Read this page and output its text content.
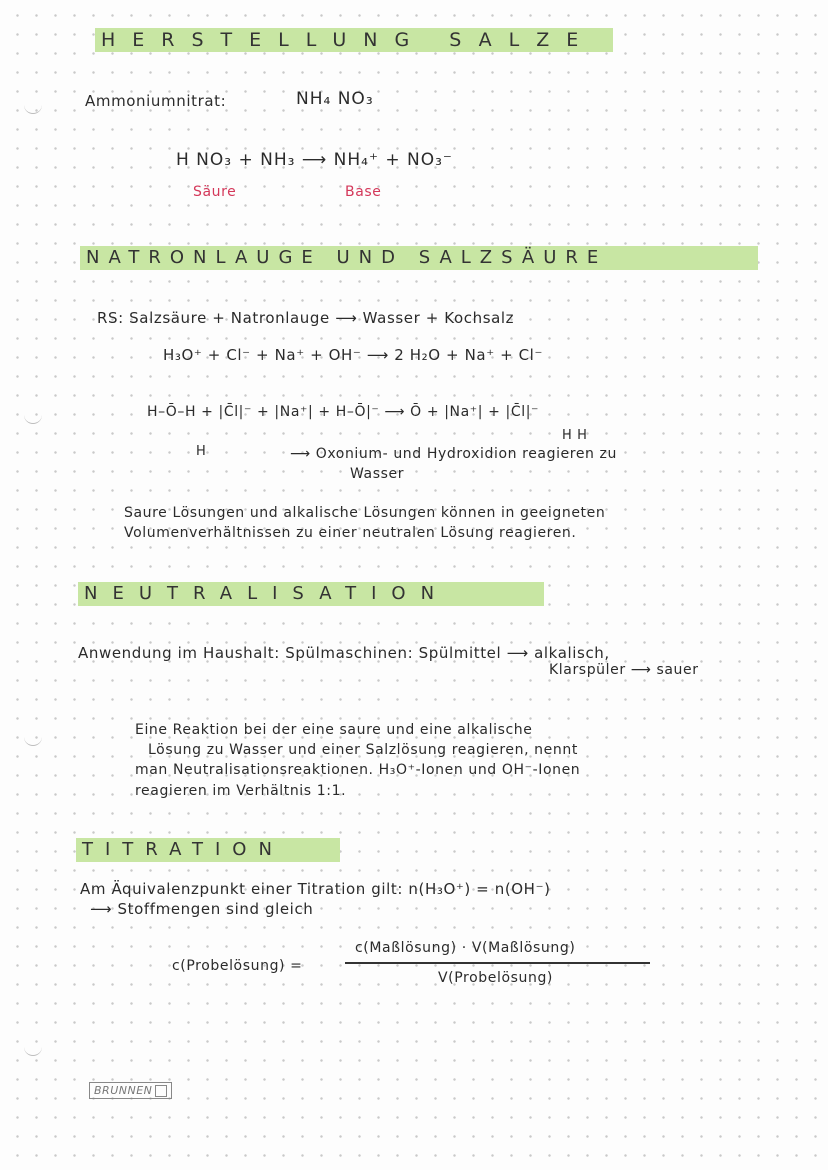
HERSTELLUNG SALZE
Ammoniumnitrat:	NH₄ NO₃
H NO₃ + NH₃ ⟶ NH₄⁺ + NO₃⁻
Säure	Base
NATRONLAUGE UND SALZSÄURE
RS: Salzsäure + Natronlauge ⟶ Wasser + Kochsalz
H₃O⁺ + Cl⁻ + Na⁺ + OH⁻ ⟶ 2 H₂O + Na⁺ + Cl⁻
H–Ō–H + |C̄l|⁻ + |Na⁺| + H–Ō|⁻ ⟶ Ō + |Na⁺| + |C̄l|⁻
H
H H
⟶ Oxonium- und Hydroxidion reagieren zu
Wasser
Saure Lösungen und alkalische Lösungen können in geeigneten
Volumenverhältnissen zu einer neutralen Lösung reagieren.
NEUTRALISATION
Anwendung im Haushalt: Spülmaschinen: Spülmittel ⟶ alkalisch,
Klarspüler ⟶ sauer
Eine Reaktion bei der eine saure und eine alkalische
Lösung zu Wasser und einer Salzlösung reagieren, nennt
man Neutralisationsreaktionen. H₃O⁺-Ionen und OH⁻-Ionen
reagieren im Verhältnis 1:1.
TITRATION
Am Äquivalenzpunkt einer Titration gilt: n(H₃O⁺) = n(OH⁻)
⟶ Stoffmengen sind gleich
c(Probelösung) =
c(Maßlösung) · V(Maßlösung)
V(Probelösung)
BRUNNEN
